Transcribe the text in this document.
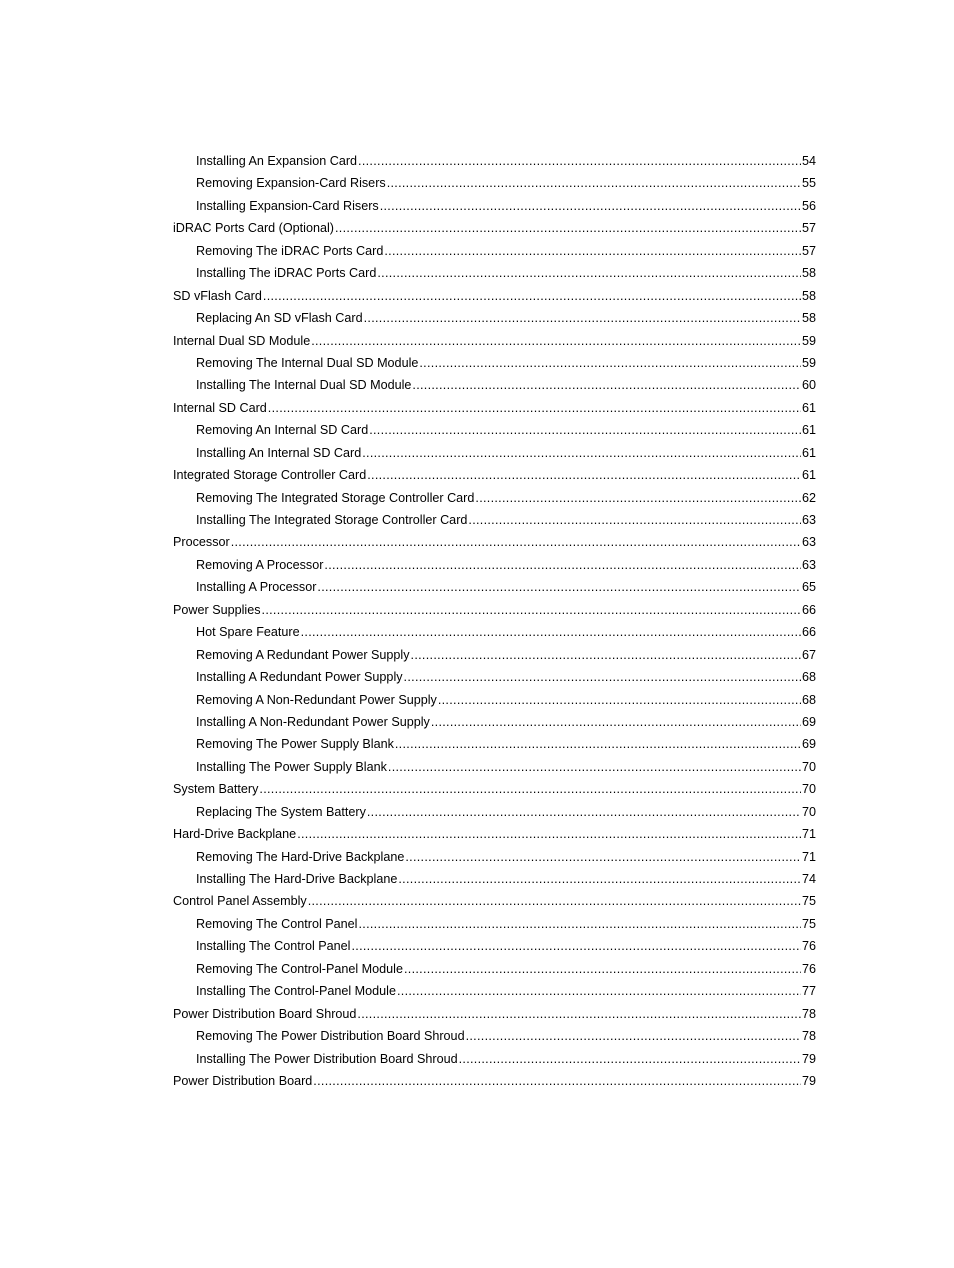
Installing An Expansion Card .....	54
Removing Expansion-Card Risers .....	55
Installing Expansion-Card Risers .....	56
iDRAC Ports Card (Optional) .....	57
Removing The iDRAC Ports Card .....	57
Installing The iDRAC Ports Card .....	58
SD vFlash Card .....	58
Replacing An SD vFlash Card .....	58
Internal Dual SD Module .....	59
Removing The Internal Dual SD Module .....	59
Installing The Internal Dual SD Module .....	60
Internal SD Card .....	61
Removing An Internal SD Card .....	61
Installing An Internal SD Card .....	61
Integrated Storage Controller Card .....	61
Removing The Integrated Storage Controller Card .....	62
Installing The Integrated Storage Controller Card .....	63
Processor .....	63
Removing A Processor .....	63
Installing A Processor .....	65
Power Supplies .....	66
Hot Spare Feature .....	66
Removing A Redundant Power Supply .....	67
Installing A Redundant Power Supply .....	68
Removing A Non-Redundant Power Supply .....	68
Installing A Non-Redundant Power Supply .....	69
Removing The Power Supply Blank .....	69
Installing The Power Supply Blank .....	70
System Battery .....	70
Replacing The System Battery .....	70
Hard-Drive Backplane .....	71
Removing The Hard-Drive Backplane .....	71
Installing The Hard-Drive Backplane .....	74
Control Panel Assembly .....	75
Removing The Control Panel .....	75
Installing The Control Panel .....	76
Removing The Control-Panel Module .....	76
Installing The Control-Panel Module .....	77
Power Distribution Board Shroud .....	78
Removing The Power Distribution Board Shroud .....	78
Installing The Power Distribution Board Shroud .....	79
Power Distribution Board .....	79
